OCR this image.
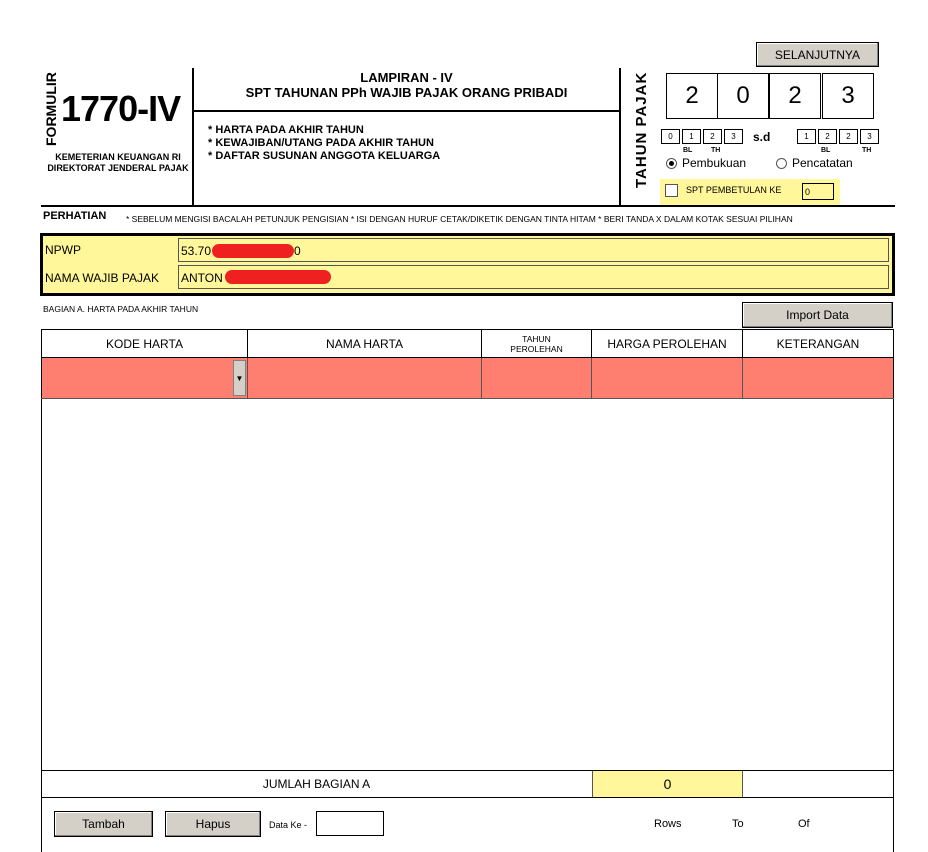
SELANJUTNYA
FORMULIR 1770-IV
KEMETERIAN KEUANGAN RI
DIREKTORAT JENDERAL PAJAK
LAMPIRAN - IV
SPT TAHUNAN PPh WAJIB PAJAK ORANG PRIBADI
* HARTA PADA AKHIR TAHUN
* KEWAJIBAN/UTANG PADA AKHIR TAHUN
* DAFTAR SUSUNAN ANGGOTA KELUARGA	TAHUN PAJAK	2	0	2	3
0	1	2	3
BL	TH
s.d	1	2	2	3
BL	TH
Pembukuan	Pencatatan
SPT PEMBETULAN KE	0
PERHATIAN * SEBELUM MENGISI BACALAH PETUNJUK PENGISIAN * ISI DENGAN HURUF CETAK/DIKETIK DENGAN TINTA HITAM * BERI TANDA X DALAM KOTAK SESUAI PILIHAN
NPWP	53.70	0
NAMA WAJIB PAJAK ANTON
BAGIAN A. HARTA PADA AKHIR TAHUN	Import Data
KODE HARTA	NAMA HARTA	TAHUN PEROLEHAN	HARGA PEROLEHAN	KETERANGAN
▼
JUMLAH BAGIAN A	0
Tambah	Hapus	Data Ke -	Rows	To	Of
